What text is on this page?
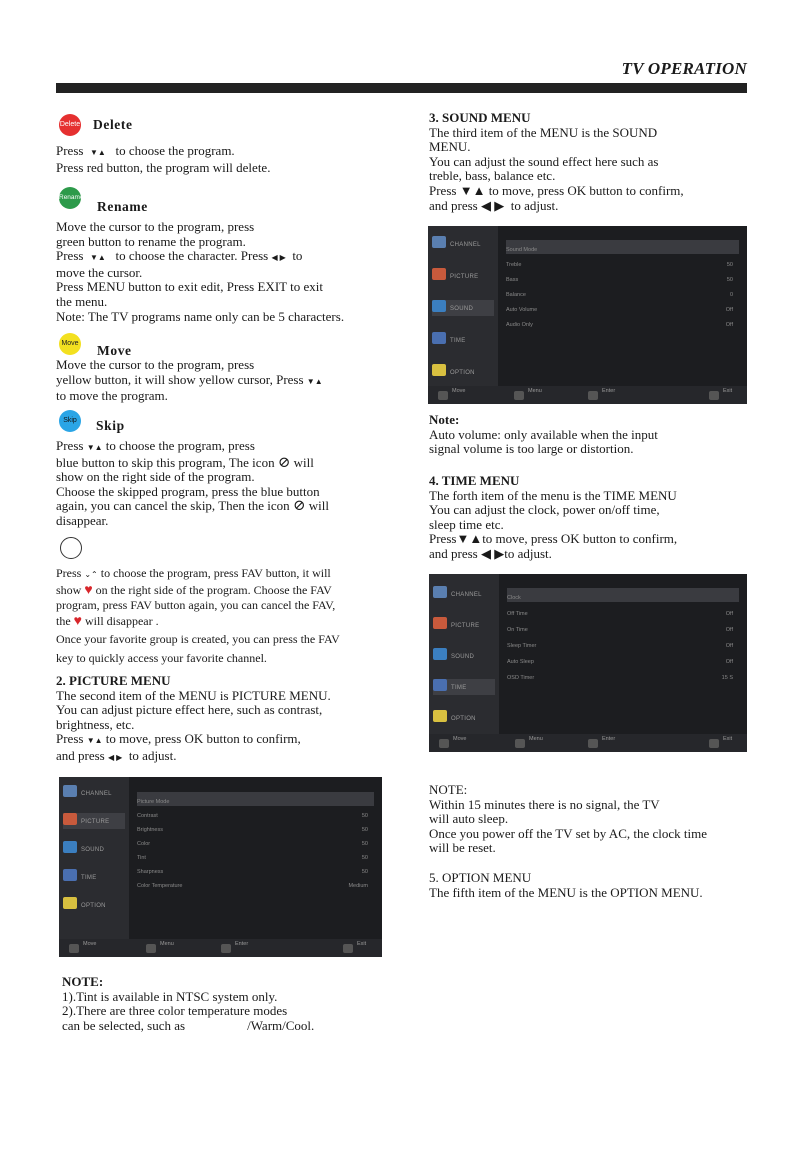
TV OPERATION
Delete Delete
Press ▼▲ to choose the program.
Press red button, the program will delete.
Rename
Rename
Move the cursor to the program, press
green button to rename the program.
Press ▼▲ to choose the character. Press ◀ ▶ to
move the cursor.
Press MENU button to exit edit, Press EXIT to exit
the menu.
Note: The TV programs name only can be 5 characters.
Move Move
Move the cursor to the program, press
yellow button, it will show yellow cursor, Press ▼▲
to move the program.
Skip	Skip
Press ▼▲ to choose the program, press
blue button to skip this program, The icon ⊘ will
show on the right side of the program.
Choose the skipped program, press the blue button
again, you can cancel the skip, Then the icon ⊘ will
disappear.
Press ⌄⌃ to choose the program, press FAV button, it will
show ♥ on the right side of the program. Choose the FAV
program, press FAV button again, you can cancel the FAV,
the ♥ will disappear .
Once your favorite group is created, you can press the FAV
key to quickly access your favorite channel.
2. PICTURE MENU
The second item of the MENU is PICTURE MENU.
You can adjust picture effect here, such as contrast,
brightness, etc.
Press ▼▲ to move, press OK button to confirm,
and press ◀ ▶ to adjust.
CHANNEL
PICTURE
SOUND
TIME
OPTION
Picture Mode
Contrast	50
Brightness	50
Color	50
Tint	50
Sharpness	50
Color Temperature	Medium
Move	Menu	Enter	Exit
NOTE:
1).Tint is available in NTSC system only.
2).There are three color temperature modes
can be selected, such as	/Warm/Cool.
3. SOUND MENU
The third item of the MENU is the SOUND
MENU.
You can adjust the sound effect here such as
treble, bass, balance etc.
Press ▼▲ to move, press OK button to confirm,
and press ◀ ▶ to adjust.
CHANNEL
PICTURE
SOUND
TIME
OPTION
Sound Mode
Treble	50
Bass	50
Balance	0
Auto Volume	Off
Audio Only	Off
Move	Menu	Enter	Exit
Note:
Auto volume: only available when the input
signal volume is too large or distortion.
4. TIME MENU
The forth item of the menu is the TIME MENU
You can adjust the clock, power on/off time,
sleep time etc.
Press▼▲to move, press OK button to confirm,
and press ◀ ▶to adjust.
CHANNEL
PICTURE
SOUND
TIME
OPTION
Clock
Off Time	Off
On Time	Off
Sleep Timer	Off
Auto Sleep	Off
OSD Timer	15 S
Move	Menu	Enter	Exit
NOTE:
Within 15 minutes there is no signal, the TV
will auto sleep.
Once you power off the TV set by AC, the clock time
will be reset.
5. OPTION MENU
The fifth item of the MENU is the OPTION MENU.
